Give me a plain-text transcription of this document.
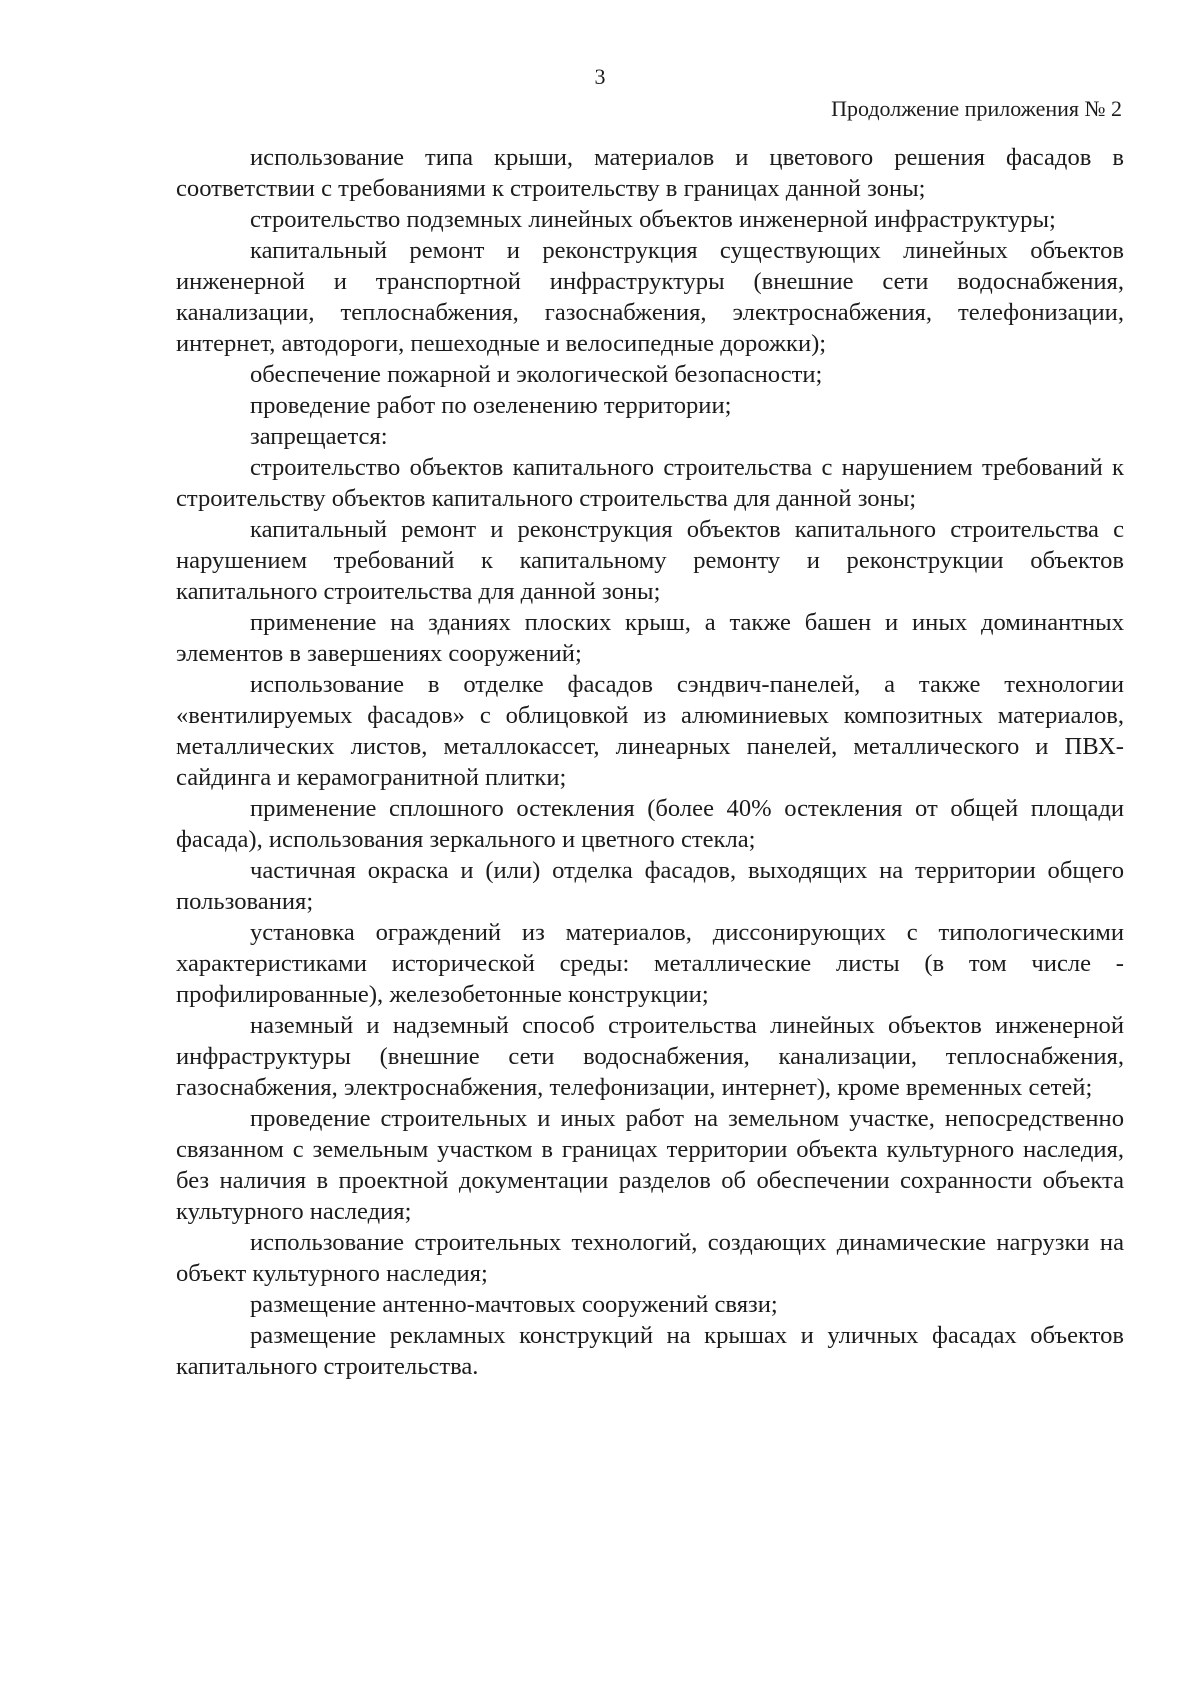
3
Продолжение приложения № 2

использование типа крыши, материалов и цветового решения фасадов в соответствии с требованиями к строительству в границах данной зоны;

строительство подземных линейных объектов инженерной инфраструктуры;

капитальный ремонт и реконструкция существующих линейных объектов инженерной и транспортной инфраструктуры (внешние сети водоснабжения, канализации, теплоснабжения, газоснабжения, электроснабжения, телефонизации, интернет, автодороги, пешеходные и велосипедные дорожки);

обеспечение пожарной и экологической безопасности;

проведение работ по озеленению территории;

запрещается:

строительство объектов капитального строительства с нарушением требований к строительству объектов капитального строительства для данной зоны;

капитальный ремонт и реконструкция объектов капитального строительства с нарушением требований к капитальному ремонту и реконструкции объектов капитального строительства для данной зоны;

применение на зданиях плоских крыш, а также башен и иных доминантных элементов в завершениях сооружений;

использование в отделке фасадов сэндвич-панелей, а также технологии «вентилируемых фасадов» с облицовкой из алюминиевых композитных материалов, металлических листов, металлокассет, линеарных панелей, металлического и ПВХ-сайдинга и керамогранитной плитки;

применение сплошного остекления (более 40% остекления от общей площади фасада), использования зеркального и цветного стекла;

частичная окраска и (или) отделка фасадов, выходящих на территории общего пользования;

установка ограждений из материалов, диссонирующих с типологическими характеристиками исторической среды: металлические листы (в том числе - профилированные), железобетонные конструкции;

наземный и надземный способ строительства линейных объектов инженерной инфраструктуры (внешние сети водоснабжения, канализации, теплоснабжения, газоснабжения, электроснабжения, телефонизации, интернет), кроме временных сетей;

проведение строительных и иных работ на земельном участке, непосредственно связанном с земельным участком в границах территории объекта культурного наследия, без наличия в проектной документации разделов об обеспечении сохранности объекта культурного наследия;

использование строительных технологий, создающих динамические нагрузки на объект культурного наследия;

размещение антенно-мачтовых сооружений связи;

размещение рекламных конструкций на крышах и уличных фасадах объектов капитального строительства.
